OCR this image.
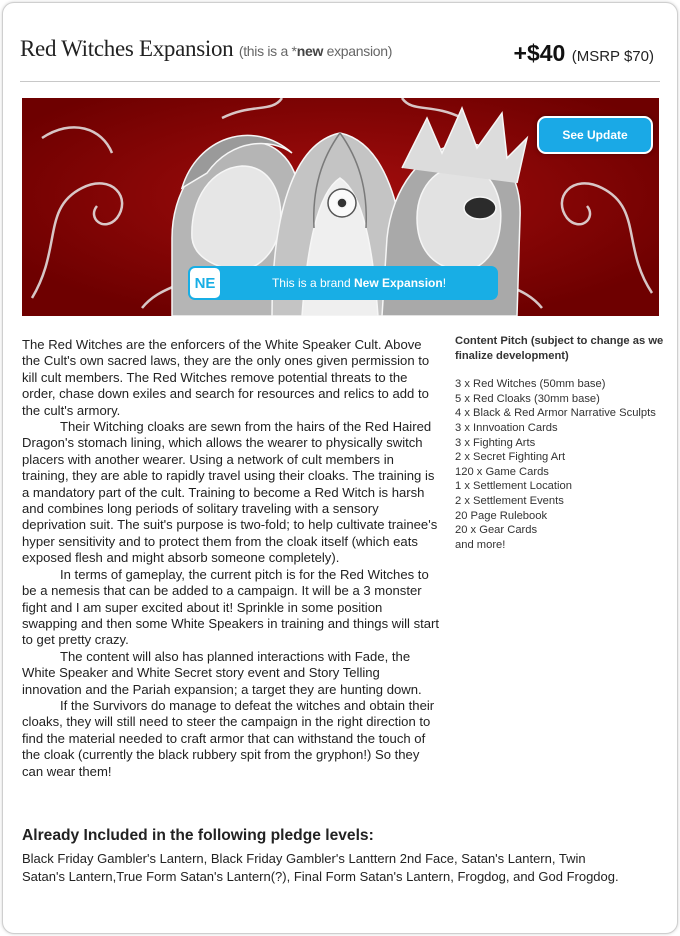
Red Witches Expansion (this is a *new expansion)	+$40 (MSRP $70)
See Update
NE	This is a brand New Expansion!

The Red Witches are the enforcers of the White Speaker Cult. Above the Cult's own sacred laws, they are the only ones given permission to kill cult members. The Red Witches remove potential threats to the order, chase down exiles and search for resources and relics to add to the cult's armory.

Their Witching cloaks are sewn from the hairs of the Red Haired Dragon's stomach lining, which allows the wearer to physically switch placers with another wearer. Using a network of cult members in training, they are able to rapidly travel using their cloaks. The training is a mandatory part of the cult. Training to become a Red Witch is harsh and combines long periods of solitary traveling with a sensory deprivation suit. The suit's purpose is two-fold; to help cultivate trainee's hyper sensitivity and to protect them from the cloak itself (which eats exposed flesh and might absorb someone completely).

In terms of gameplay, the current pitch is for the Red Witches to be a nemesis that can be added to a campaign. It will be a 3 monster fight and I am super excited about it! Sprinkle in some position swapping and then some White Speakers in training and things will start to get pretty crazy.

The content will also has planned interactions with Fade, the White Speaker and White Secret story event and Story Telling innovation and the Pariah expansion; a target they are hunting down.

If the Survivors do manage to defeat the witches and obtain their cloaks, they will still need to steer the campaign in the right direction to find the material needed to craft armor that can withstand the touch of the cloak (currently the black rubbery spit from the gryphon!) So they can wear them!

Content Pitch (subject to change as we finalize development)
3 x Red Witches (50mm base)
5 x Red Cloaks (30mm base)
4 x Black & Red Armor Narrative Sculpts
3 x Innvoation Cards
3 x Fighting Arts
2 x Secret Fighting Art
120 x Game Cards
1 x Settlement Location
2 x Settlement Events
20 Page Rulebook
20 x Gear Cards
and more!
Already Included in the following pledge levels:
Black Friday Gambler's Lantern, Black Friday Gambler's Lanttern 2nd Face, Satan's Lantern, Twin Satan's Lantern,True Form Satan's Lantern(?), Final Form Satan's Lantern, Frogdog, and God Frogdog.
